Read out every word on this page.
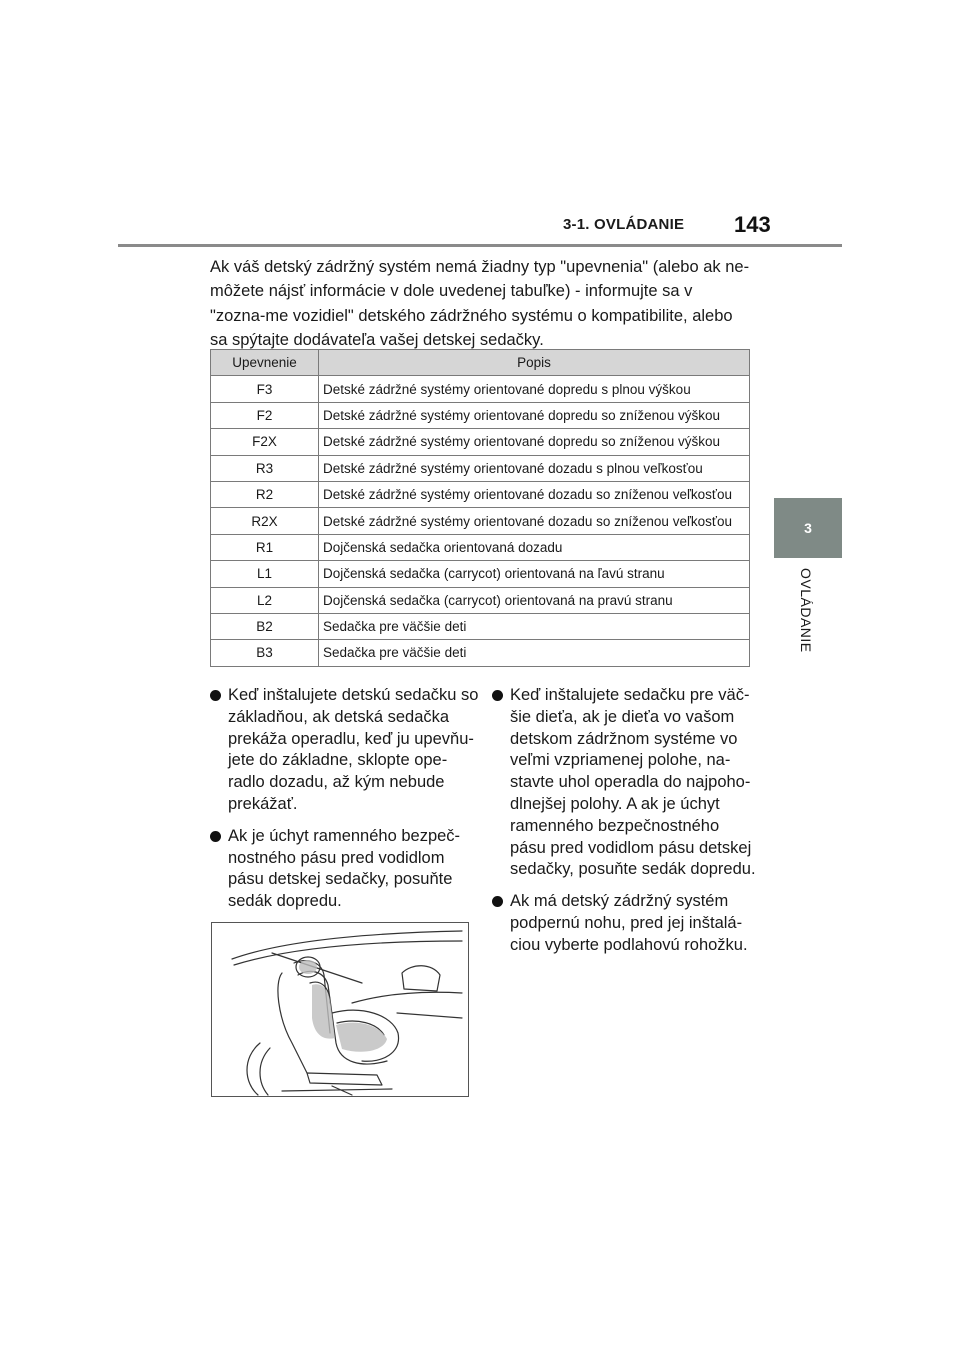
3-1. OVLÁDANIE	143
3
OVLÁDANIE

Ak váš detský zádržný systém nemá žiadny typ "upevnenia" (alebo ak ne-môžete nájsť informácie v dole uvedenej tabuľke) - informujte sa v "zozna-me vozidiel" detského zádržného systému o kompatibilite, alebo sa spýtajte dodávateľa vašej detskej sedačky.

Upevnenie	Popis
F3	Detské zádržné systémy orientované dopredu s plnou výškou
F2	Detské zádržné systémy orientované dopredu so zníženou výškou
F2X	Detské zádržné systémy orientované dopredu so zníženou výškou
R3	Detské zádržné systémy orientované dozadu s plnou veľkosťou
R2	Detské zádržné systémy orientované dozadu so zníženou veľkosťou
R2X	Detské zádržné systémy orientované dozadu so zníženou veľkosťou
R1	Dojčenská sedačka orientovaná dozadu
L1	Dojčenská sedačka (carrycot) orientovaná na ľavú stranu
L2	Dojčenská sedačka (carrycot) orientovaná na pravú stranu
B2	Sedačka pre väčšie deti
B3	Sedačka pre väčšie deti
Keď inštalujete detskú sedačku so základňou, ak detská sedačka prekáža operadlu, keď ju upevňu-jete do základne, sklopte ope-radlo dozadu, až kým nebude prekážať.
Ak je úchyt ramenného bezpeč-nostného pásu pred vodidlom pásu detskej sedačky, posuňte sedák dopredu.
Keď inštalujete sedačku pre väč-šie dieťa, ak je dieťa vo vašom detskom zádržnom systéme vo veľmi vzpriamenej polohe, na-stavte uhol operadla do najpoho-dlnejšej polohy. A ak je úchyt ramenného bezpečnostného pásu pred vodidlom pásu detskej sedačky, posuňte sedák dopredu.
Ak má detský zádržný systém podpernú nohu, pred jej inštalá-ciou vyberte podlahovú rohožku.
